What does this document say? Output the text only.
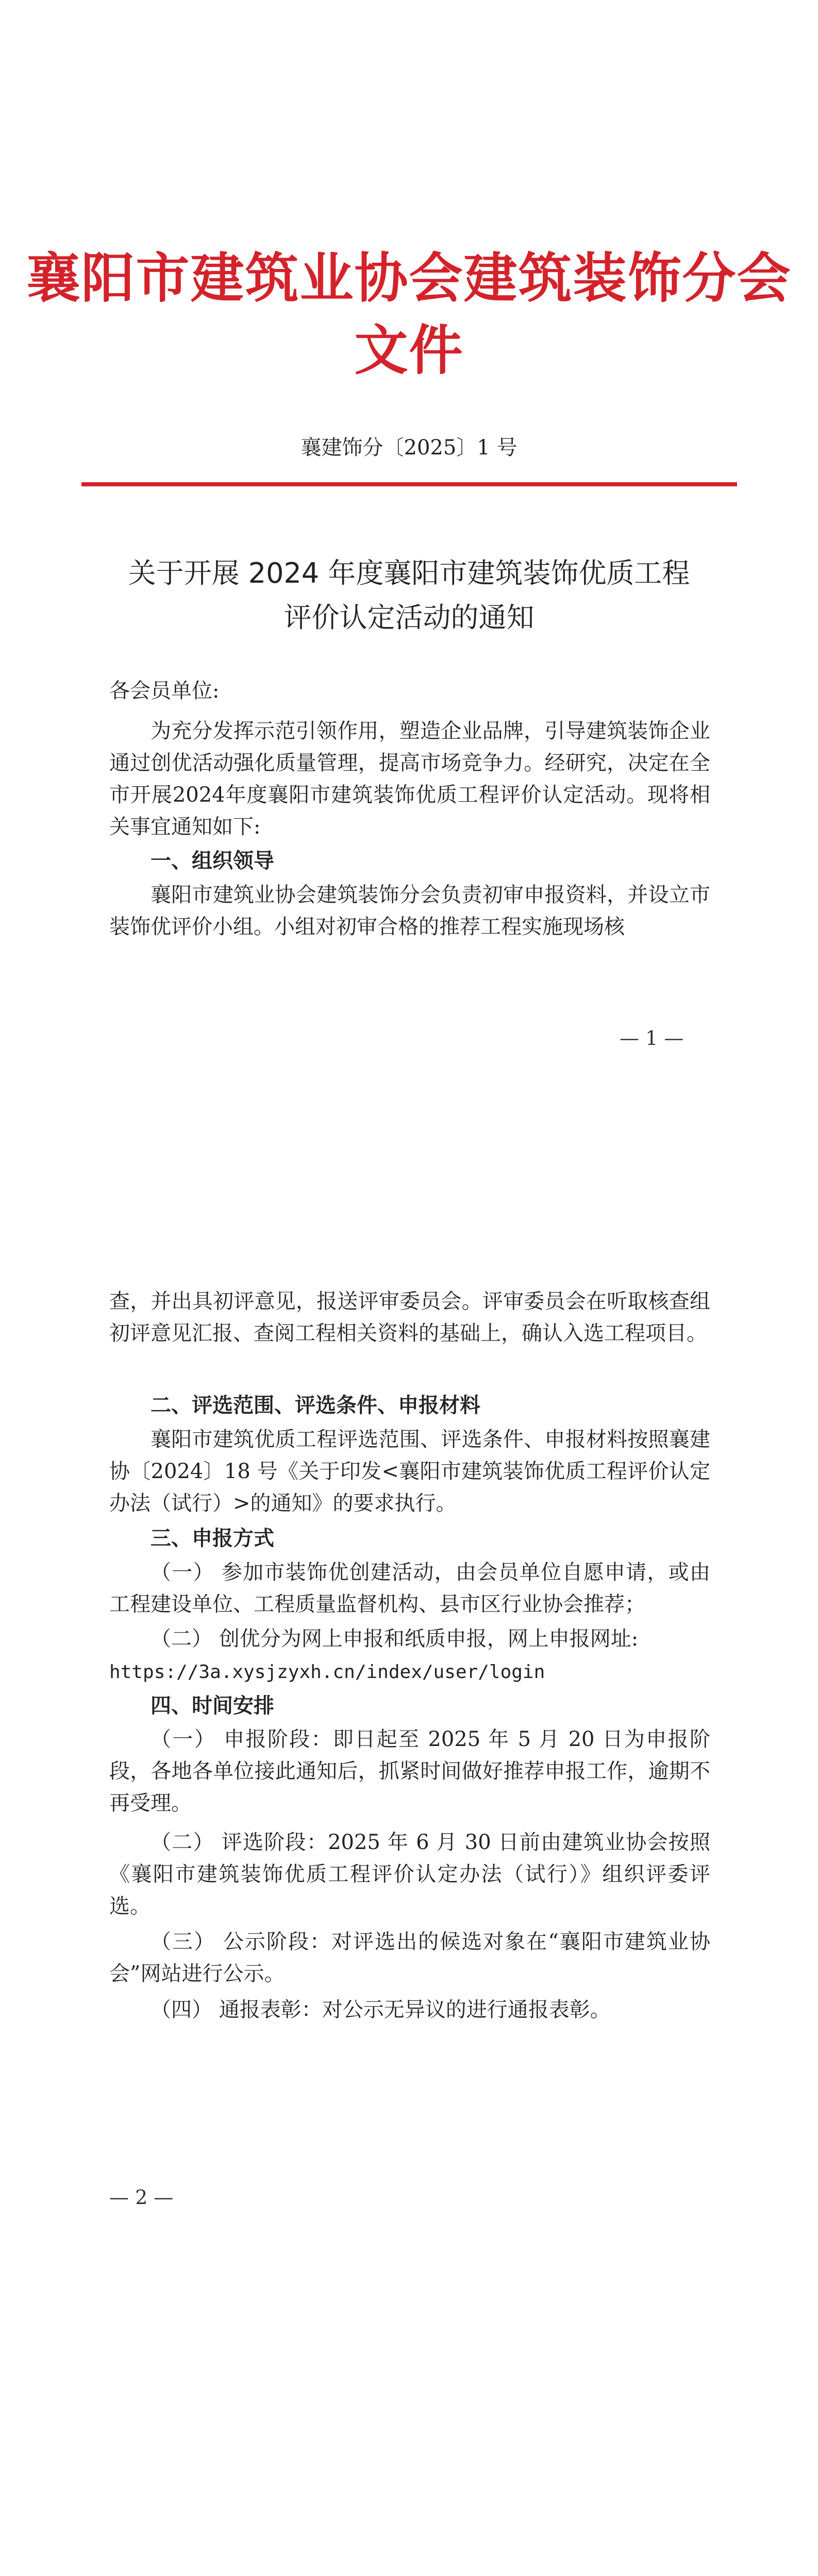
襄阳市建筑业协会建筑装饰分会文件

襄建饰分〔2025〕1 号

关于开展 2024 年度襄阳市建筑装饰优质工程
评价认定活动的通知

各会员单位:

为充分发挥示范引领作用，塑造企业品牌，引导建筑装饰企业通过创优活动强化质量管理，提高市场竞争力。经研究，决定在全市开展2024年度襄阳市建筑装饰优质工程评价认定活动。现将相关事宜通知如下:

一、组织领导

襄阳市建筑业协会建筑装饰分会负责初审申报资料，并设立市装饰优评价小组。小组对初审合格的推荐工程实施现场核

— 1 —

查，并出具初评意见，报送评审委员会。评审委员会在听取核查组初评意见汇报、查阅工程相关资料的基础上，确认入选工程项目。

二、评选范围、评选条件、申报材料

襄阳市建筑优质工程评选范围、评选条件、申报材料按照襄建协〔2024〕18 号《关于印发<襄阳市建筑装饰优质工程评价认定办法（试行）>的通知》的要求执行。

三、申报方式

（一） 参加市装饰优创建活动，由会员单位自愿申请，或由工程建设单位、工程质量监督机构、县市区行业协会推荐；

（二） 创优分为网上申报和纸质申报，网上申报网址:

https://3a.xysjzyxh.cn/index/user/login

四、时间安排

（一） 申报阶段：即日起至 2025 年 5 月 20 日为申报阶段，各地各单位接此通知后，抓紧时间做好推荐申报工作，逾期不再受理。

（二） 评选阶段：2025 年 6 月 30 日前由建筑业协会按照《襄阳市建筑装饰优质工程评价认定办法（试行）》组织评委评选。

（三） 公示阶段：对评选出的候选对象在“襄阳市建筑业协会”网站进行公示。

（四） 通报表彰：对公示无异议的进行通报表彰。

— 2 —
